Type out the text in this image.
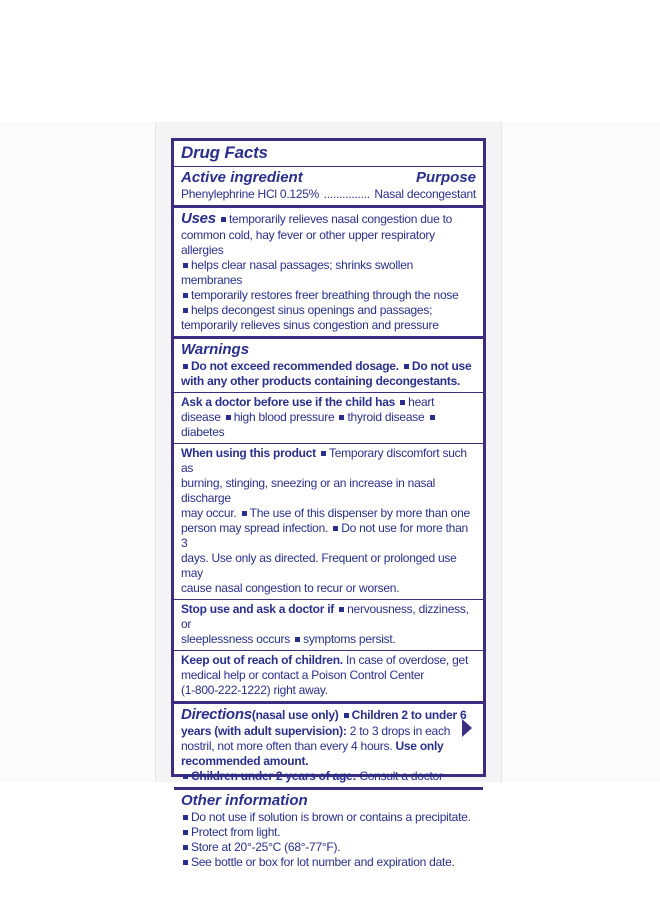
Drug Facts
Active ingredient	Purpose
Phenylephrine HCl 0.125% ............... Nasal decongestant
Uses temporarily relieves nasal congestion due to
common cold, hay fever or other upper respiratory allergies
helps clear nasal passages; shrinks swollen membranes
temporarily restores freer breathing through the nose
helps decongest sinus openings and passages;
temporarily relieves sinus congestion and pressure
Warnings
Do not exceed recommended dosage. Do not use
with any other products containing decongestants.
Ask a doctor before use if the child has heart
disease high blood pressure thyroid disease diabetes
When using this product Temporary discomfort such as
burning, stinging, sneezing or an increase in nasal discharge
may occur. The use of this dispenser by more than one
person may spread infection. Do not use for more than 3
days. Use only as directed. Frequent or prolonged use may
cause nasal congestion to recur or worsen.
Stop use and ask a doctor if nervousness, dizziness, or
sleeplessness occurs symptoms persist.
Keep out of reach of children. In case of overdose, get
medical help or contact a Poison Control Center
(1-800-222-1222) right away.
Directions(nasal use only) Children 2 to under 6
years (with adult supervision): 2 to 3 drops in each
nostril, not more often than every 4 hours. Use only
recommended amount.
Children under 2 years of age: Consult a doctor
Other information
Do not use if solution is brown or contains a precipitate.
Protect from light.
Store at 20°-25°C (68°-77°F).
See bottle or box for lot number and expiration date.
